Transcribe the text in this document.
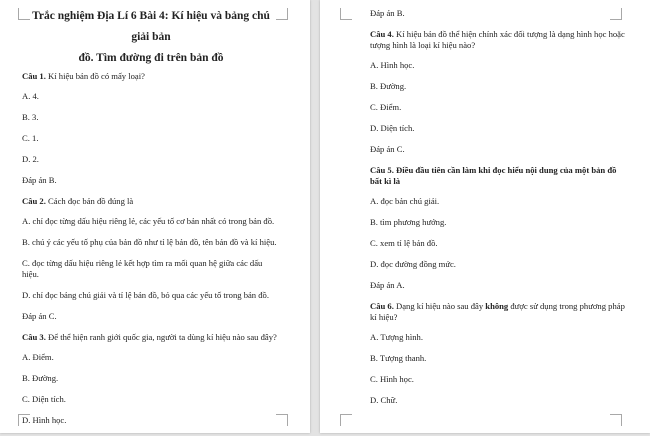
Trắc nghiệm Địa Lí 6 Bài 4: Kí hiệu và bảng chú giải bản
đồ. Tìm đường đi trên bản đồ

Câu 1. Kí hiệu bản đồ có mấy loại?

A. 4.

B. 3.

C. 1.

D. 2.

Đáp án B.

Câu 2. Cách đọc bản đồ đúng là

A. chỉ đọc từng dấu hiệu riêng lẻ, các yếu tố cơ bản nhất có trong bản đồ.

B. chú ý các yếu tố phụ của bản đồ như tỉ lệ bản đồ, tên bản đồ và kí hiệu.

C. đọc từng dấu hiệu riêng lẻ kết hợp tìm ra mối quan hệ giữa các dấu hiệu.

D. chỉ đọc bảng chú giải và tỉ lệ bản đồ, bỏ qua các yếu tố trong bản đồ.

Đáp án C.

Câu 3. Để thể hiện ranh giới quốc gia, người ta dùng kí hiệu nào sau đây?

A. Điểm.

B. Đường.

C. Diện tích.

D. Hình học.

Đáp án B.

Câu 4. Kí hiệu bản đồ thể hiện chính xác đối tượng là dạng hình học hoặc tượng hình là loại kí hiệu nào?

A. Hình học.

B. Đường.

C. Điểm.

D. Diện tích.

Đáp án C.

Câu 5. Điều đầu tiên cần làm khi đọc hiểu nội dung của một bản đồ bất kì là

A. đọc bản chú giải.

B. tìm phương hướng.

C. xem tỉ lệ bản đồ.

D. đọc đường đồng mức.

Đáp án A.

Câu 6. Dạng kí hiệu nào sau đây không được sử dụng trong phương pháp kí hiệu?

A. Tượng hình.

B. Tượng thanh.

C. Hình học.

D. Chữ.
